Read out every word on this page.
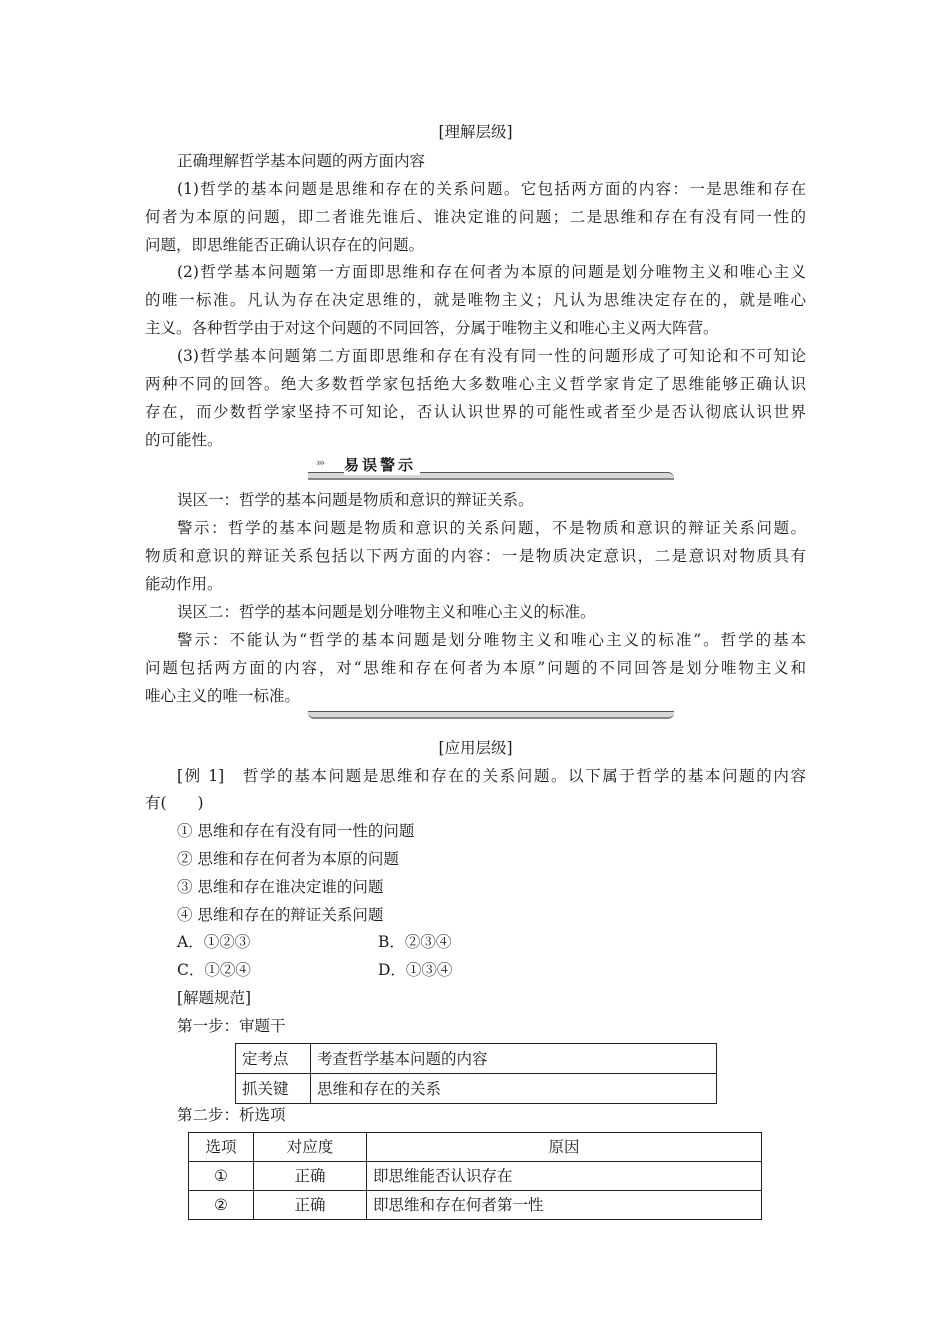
[理解层级]
正确理解哲学基本问题的两方面内容
(1)哲学的基本问题是思维和存在的关系问题。它包括两方面的内容：一是思维和存在
何者为本原的问题，即二者谁先谁后、谁决定谁的问题；二是思维和存在有没有同一性的
问题，即思维能否正确认识存在的问题。
(2)哲学基本问题第一方面即思维和存在何者为本原的问题是划分唯物主义和唯心主义
的唯一标准。凡认为存在决定思维的，就是唯物主义；凡认为思维决定存在的，就是唯心
主义。各种哲学由于对这个问题的不同回答，分属于唯物主义和唯心主义两大阵营。
(3)哲学基本问题第二方面即思维和存在有没有同一性的问题形成了可知论和不可知论
两种不同的回答。绝大多数哲学家包括绝大多数唯心主义哲学家肯定了思维能够正确认识
存在，而少数哲学家坚持不可知论，否认认识世界的可能性或者至少是否认彻底认识世界
的可能性。
››› 易误警示
误区一：哲学的基本问题是物质和意识的辩证关系。
警示：哲学的基本问题是物质和意识的关系问题，不是物质和意识的辩证关系问题。
物质和意识的辩证关系包括以下两方面的内容：一是物质决定意识，二是意识对物质具有
能动作用。
误区二：哲学的基本问题是划分唯物主义和唯心主义的标准。
警示：不能认为“哲学的基本问题是划分唯物主义和唯心主义的标准”。哲学的基本
问题包括两方面的内容，对“思维和存在何者为本原”问题的不同回答是划分唯物主义和
唯心主义的唯一标准。
[应用层级]
[例 1]　哲学的基本问题是思维和存在的关系问题。以下属于哲学的基本问题的内容
有(　　)
① 思维和存在有没有同一性的问题
② 思维和存在何者为本原的问题
③ 思维和存在谁决定谁的问题
④ 思维和存在的辩证关系问题
A．①②③	B．②③④
C．①②④	D．①③④
[解题规范]
第一步：审题干
定考点	考查哲学基本问题的内容
抓关键	思维和存在的关系
第二步：析选项
选项	对应度	原因
①	正确	即思维能否认识存在
②	正确	即思维和存在何者第一性
